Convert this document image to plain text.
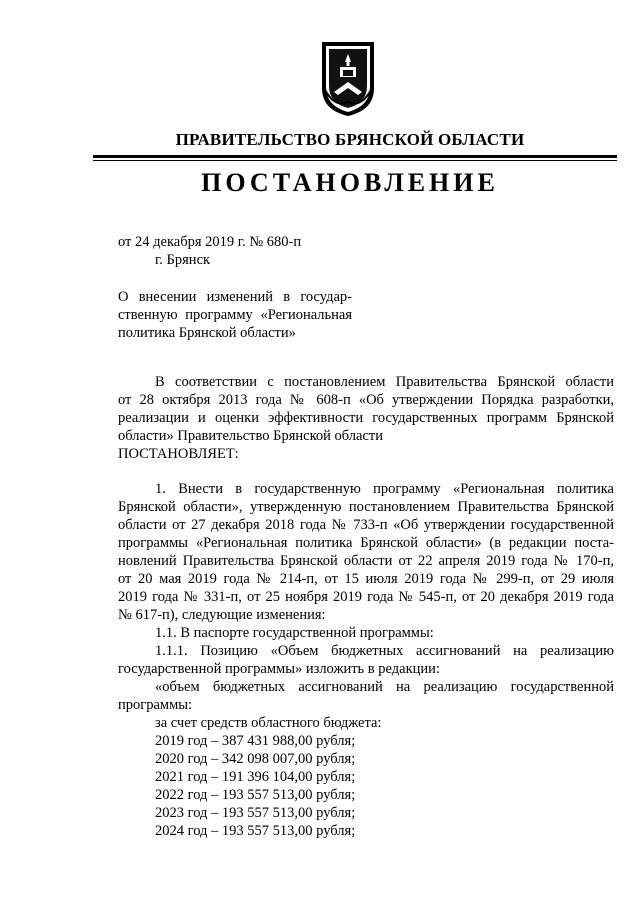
ПРАВИТЕЛЬСТВО БРЯНСКОЙ ОБЛАСТИ
ПОСТАНОВЛЕНИЕ
от 24 декабря 2019 г. № 680-п
г. Брянск
О внесении изменений в государ-
ственную программу «Региональная
политика Брянской области»
В соответствии с постановлением Правительства Брянской области
от 28 октября 2013 года № 608-п «Об утверждении Порядка разработки,
реализации и оценки эффективности государственных программ Брянской
области» Правительство Брянской области
ПОСТАНОВЛЯЕТ:
1. Внести в государственную программу «Региональная политика
Брянской области», утвержденную постановлением Правительства Брянской
области от 27 декабря 2018 года № 733-п «Об утверждении государственной
программы «Региональная политика Брянской области» (в редакции поста-
новлений Правительства Брянской области от 22 апреля 2019 года № 170-п,
от 20 мая 2019 года № 214-п, от 15 июля 2019 года № 299-п, от 29 июля
2019 года № 331-п, от 25 ноября 2019 года № 545-п, от 20 декабря 2019 года
№ 617-п), следующие изменения:
1.1. В паспорте государственной программы:
1.1.1. Позицию «Объем бюджетных ассигнований на реализацию
государственной программы» изложить в редакции:
«объем бюджетных ассигнований на реализацию государственной
программы:
за счет средств областного бюджета:
2019 год – 387 431 988,00 рубля;
2020 год – 342 098 007,00 рубля;
2021 год – 191 396 104,00 рубля;
2022 год – 193 557 513,00 рубля;
2023 год – 193 557 513,00 рубля;
2024 год – 193 557 513,00 рубля;
